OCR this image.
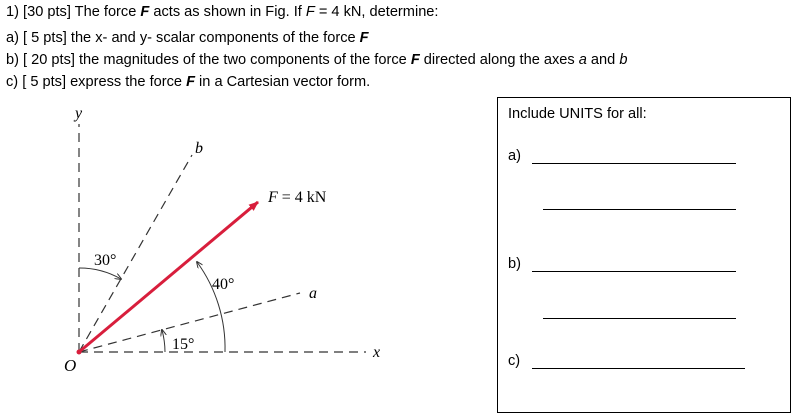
1) [30 pts] The force F acts as shown in Fig. If F = 4 kN, determine:
a) [ 5 pts] the x- and y- scalar components of the force F
b) [ 20 pts] the magnitudes of the two components of the force F directed along the axes a and b
c) [ 5 pts] express the force F in a Cartesian vector form.
y
x
b
a
O
F = 4 kN
30°
40°
15°
Include UNITS for all:
a)
b)
c)
